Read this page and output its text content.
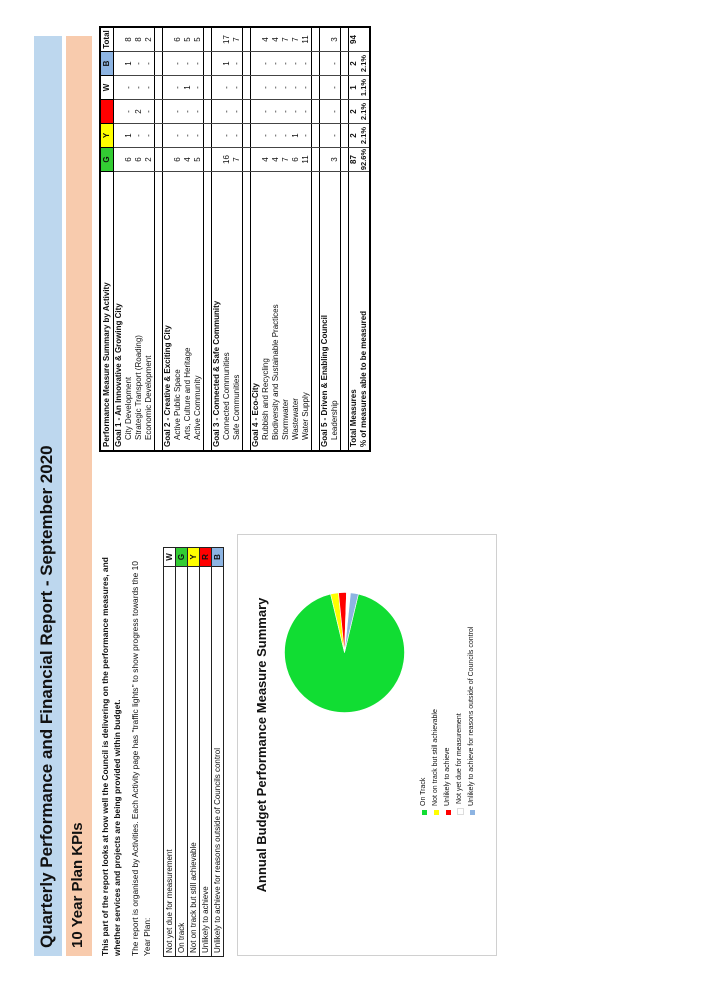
Quarterly Performance and Financial Report - September 2020 10 Year Plan KPIs This part of the report looks at how well the Council is delivering on the performance measures, and whether services and projects are being provided within budget. The report is organised by Activities. Each Activity page has "traffic lights" to show progress towards the 10 Year Plan: Not yet due for measurement	W
On track	G
Not on track but still achievable	Y
Unlikely to achieve	R
Unlikely to achieve for reasons outside of Councils control	B
Annual Budget Performance Measure Summary	On Track Not on track but still achievable Unlikely to achieve Not yet due for measurement Unlikely to achieve for reasons outside of Councils control
Performance Measure Summary by Activity	G	Y	R	W	B	Total
Goal 1 - An Innovative & Growing City						
City Development	6	1	-	-	1	8
Strategic Transport (Roading)	6	-	2	-	-	8
Economic Development	2	-	-	-	-	2

Goal 2 - Creative & Exciting City						
Active Public Space	6	-	-	-	-	6
Arts, Culture and Heritage	4	-	-	1	-	5
Active Community	5	-	-	-	-	5

Goal 3 - Connected & Safe Community						
Connected Communities	16	-	-	-	1	17
Safe Communities	7	-	-	-	-	7

Goal 4 - Eco-City						
Rubbish and Recycling	4	-	-	-	-	4
Biodiversity and Sustainable Practices	4	-	-	-	-	4
Stormwater	7	-	-	-	-	7
Wastewater	6	1	-	-	-	7
Water Supply	11	-	-	-	-	11

Goal 5 - Driven & Enabling Council						
Leadership	3	-	-	-	-	3

Total Measures	87	2	2	1	2	94
% of measures able to be measured	92.6%	2.1%	2.1%	1.1%	2.1%	
